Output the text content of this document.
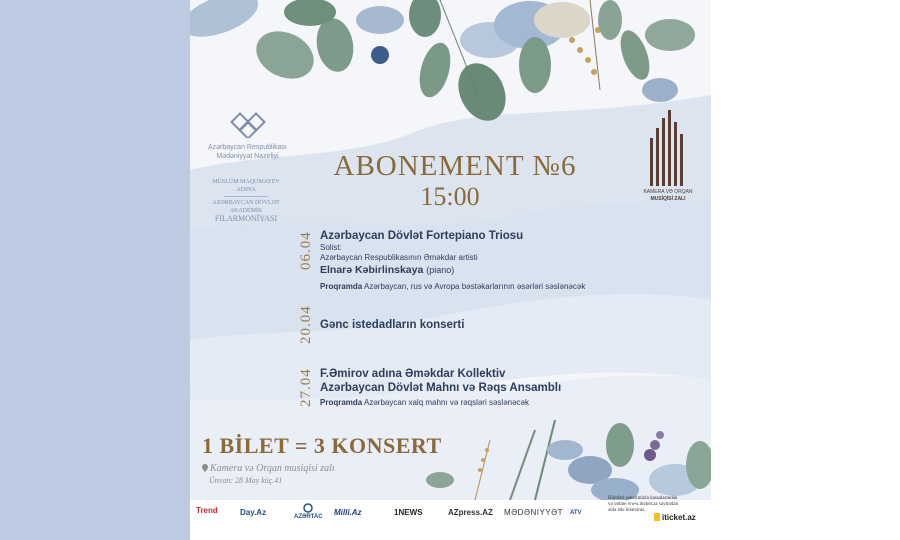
Azərbaycan Respublikası
Mədəniyyət Nazirliyi
MÜSLÜM MAQOMAYEV
ADINA
AZƏRBAYCAN DÖVLƏT
AKADEMİK
FİLARMONİYASI
KAMERA VƏ ORQAN
MUSİQİSİ ZALI
ABONEMENT №6
15:00
06.04 Azərbaycan Dövlət Fortepiano Triosu
Solist:
Azərbaycan Respublikasının Əməkdar artisti
Elnarə Kəbirlinskaya (piano)
Proqramda Azərbaycan, rus və Avropa bəstəkarlarının əsərləri səslənəcək
20.04 Gənc istedadların konserti
27.04 F.Əmirov adına Əməkdar Kollektiv
Azərbaycan Dövlət Mahnı və Rəqs Ansamblı
Proqramda Azərbaycan xalq mahnı və rəqsləri səslənəcək
1 BİLET = 3 KONSERT
Kamera və Orqan musiqisi zalı
Ünvan: 28 May küç.41
Trend	Day.Az	AZƏRTAC Milli.Az	1NEWS	AZpress.AZ MƏDƏNIYYƏT ATV
Biletləri şəhərimizin kassalarından
və online www.iticket.az saytından
əldə edə bilərsiniz.
iticket.az
